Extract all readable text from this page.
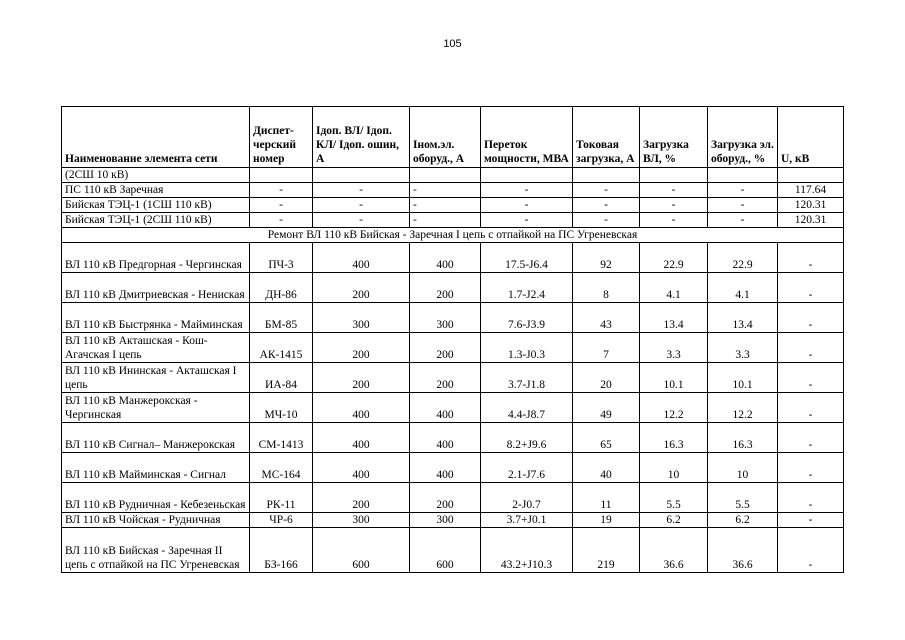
105
Наименование элемента сети	Диспет-черский номер	Iдоп. ВЛ/ Iдоп. КЛ/ Iдоп. ошин, А	Iном.эл. оборуд., А	Переток мощности, МВА	Токовая загрузка, А	Загрузка ВЛ, %	Загрузка эл. оборуд., %	U, кВ
(2СШ 10 кВ)								
ПС 110 кВ Заречная	-	-	-	-	-	-	-	117.64
Бийская ТЭЦ-1 (1СШ 110 кВ)	-	-	-	-	-	-	-	120.31
Бийская ТЭЦ-1 (2СШ 110 кВ)	-	-	-	-	-	-	-	120.31
Ремонт ВЛ 110 кВ Бийская - Заречная I цепь с отпайкой на ПС Угреневская								
ВЛ 110 кВ Предгорная - Чергинская	ПЧ-3	400	400	17.5-J6.4	92	22.9	22.9	-
ВЛ 110 кВ Дмитриевская - Нениская	ДН-86	200	200	1.7-J2.4	8	4.1	4.1	-
ВЛ 110 кВ Быстрянка - Майминская	БМ-85	300	300	7.6-J3.9	43	13.4	13.4	-
ВЛ 110 кВ Акташская - Кош-Агачская I цепь	АК-1415	200	200	1.3-J0.3	7	3.3	3.3	-
ВЛ 110 кВ Ининская - Акташская I цепь	ИА-84	200	200	3.7-J1.8	20	10.1	10.1	-
ВЛ 110 кВ Манжерокская - Чергинская	МЧ-10	400	400	4.4-J8.7	49	12.2	12.2	-
ВЛ 110 кВ Сигнал– Манжерокская	СМ-1413	400	400	8.2+J9.6	65	16.3	16.3	-
ВЛ 110 кВ Майминская - Сигнал	МС-164	400	400	2.1-J7.6	40	10	10	-
ВЛ 110 кВ Рудничная - Кебезеньская	РК-11	200	200	2-J0.7	11	5.5	5.5	-
ВЛ 110 кВ Чойская - Рудничная	ЧР-6	300	300	3.7+J0.1	19	6.2	6.2	-
ВЛ 110 кВ Бийская - Заречная II цепь с отпайкой на ПС Угреневская	БЗ-166	600	600	43.2+J10.3	219	36.6	36.6	-
